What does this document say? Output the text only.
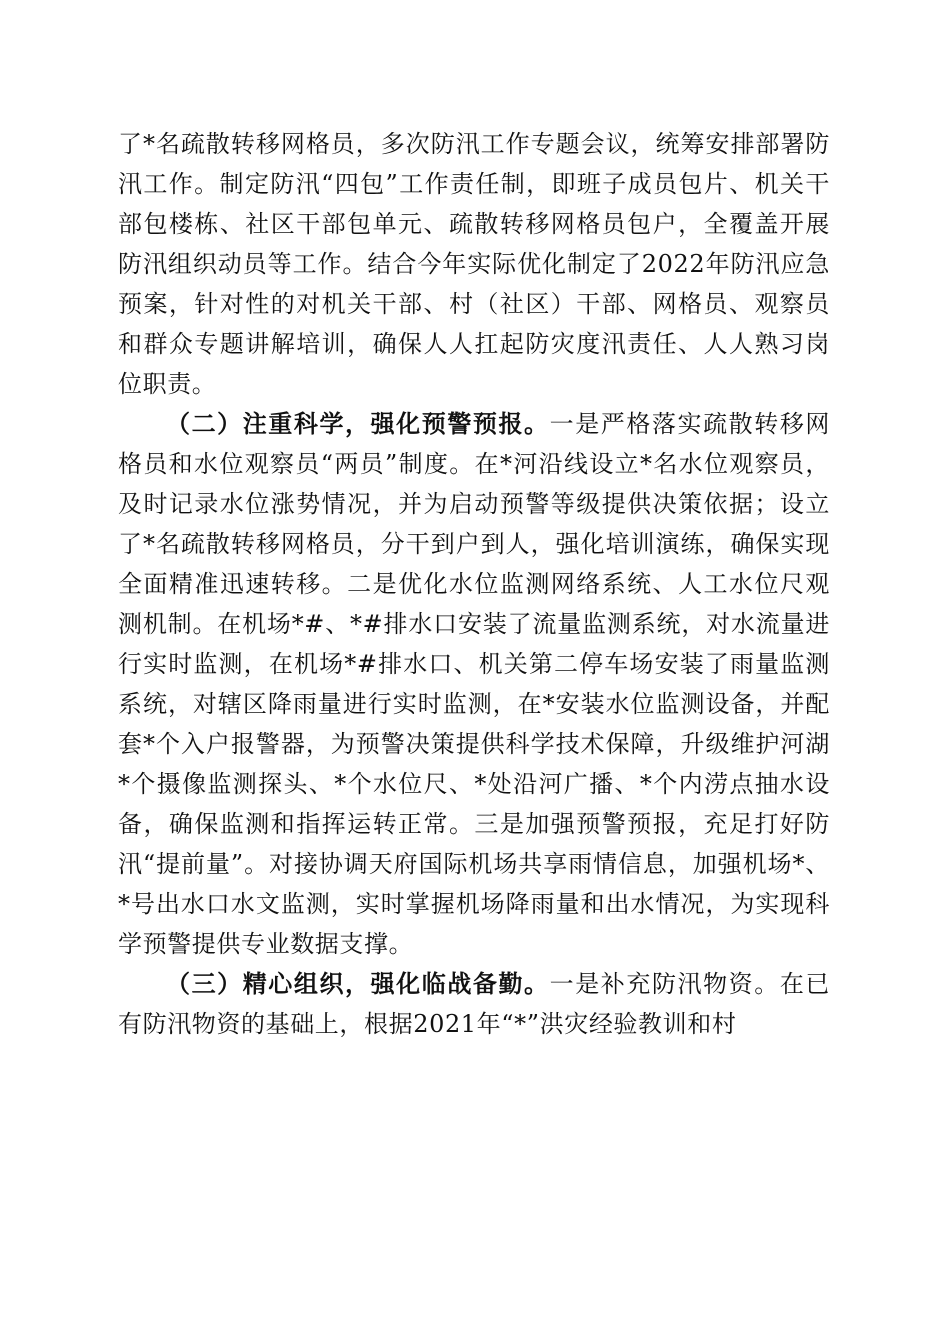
了*名疏散转移网格员，多次防汛工作专题会议，统筹安排部署防汛工作。制定防汛“四包”工作责任制，即班子成员包片、机关干部包楼栋、社区干部包单元、疏散转移网格员包户，全覆盖开展防汛组织动员等工作。结合今年实际优化制定了2022年防汛应急预案，针对性的对机关干部、村（社区）干部、网格员、观察员和群众专题讲解培训，确保人人扛起防灾度汛责任、人人熟习岗位职责。

（二）注重科学，强化预警预报。一是严格落实疏散转移网格员和水位观察员“两员”制度。在*河沿线设立*名水位观察员，及时记录水位涨势情况，并为启动预警等级提供决策依据；设立了*名疏散转移网格员，分干到户到人，强化培训演练，确保实现全面精准迅速转移。二是优化水位监测网络系统、人工水位尺观测机制。在机场*#、*#排水口安装了流量监测系统，对水流量进行实时监测，在机场*#排水口、机关第二停车场安装了雨量监测系统，对辖区降雨量进行实时监测，在*安装水位监测设备，并配套*个入户报警器，为预警决策提供科学技术保障，升级维护河湖*个摄像监测探头、*个水位尺、*处沿河广播、*个内涝点抽水设备，确保监测和指挥运转正常。三是加强预警预报，充足打好防汛“提前量”。对接协调天府国际机场共享雨情信息，加强机场*、*号出水口水文监测，实时掌握机场降雨量和出水情况，为实现科学预警提供专业数据支撑。

（三）精心组织，强化临战备勤。一是补充防汛物资。在已有防汛物资的基础上，根据2021年“*”洪灾经验教训和村
